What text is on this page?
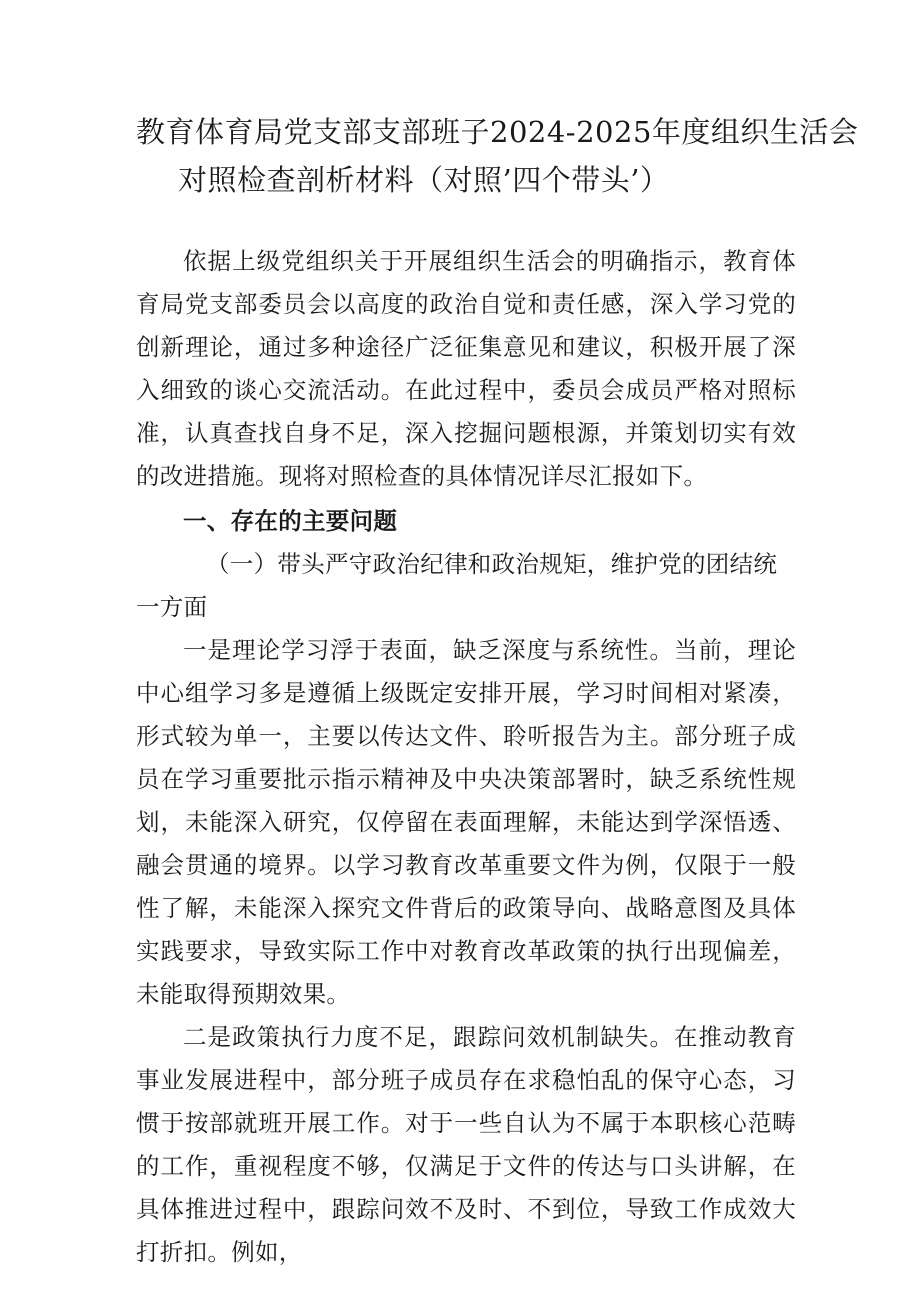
教育体育局党支部支部班子2024-2025年度组织生活会
对照检查剖析材料（对照’四个带头’）

依据上级党组织关于开展组织生活会的明确指示，教育体育局党支部委员会以高度的政治自觉和责任感，深入学习党的创新理论，通过多种途径广泛征集意见和建议，积极开展了深入细致的谈心交流活动。在此过程中，委员会成员严格对照标准，认真查找自身不足，深入挖掘问题根源，并策划切实有效的改进措施。现将对照检查的具体情况详尽汇报如下。

一、存在的主要问题

（一）带头严守政治纪律和政治规矩，维护党的团结统一方面

一是理论学习浮于表面，缺乏深度与系统性。当前，理论中心组学习多是遵循上级既定安排开展，学习时间相对紧凑，形式较为单一，主要以传达文件、聆听报告为主。部分班子成员在学习重要批示指示精神及中央决策部署时，缺乏系统性规划，未能深入研究，仅停留在表面理解，未能达到学深悟透、融会贯通的境界。以学习教育改革重要文件为例，仅限于一般性了解，未能深入探究文件背后的政策导向、战略意图及具体实践要求，导致实际工作中对教育改革政策的执行出现偏差，未能取得预期效果。

二是政策执行力度不足，跟踪问效机制缺失。在推动教育事业发展进程中，部分班子成员存在求稳怕乱的保守心态，习惯于按部就班开展工作。对于一些自认为不属于本职核心范畴的工作，重视程度不够，仅满足于文件的传达与口头讲解，在具体推进过程中，跟踪问效不及时、不到位，导致工作成效大打折扣。例如，
